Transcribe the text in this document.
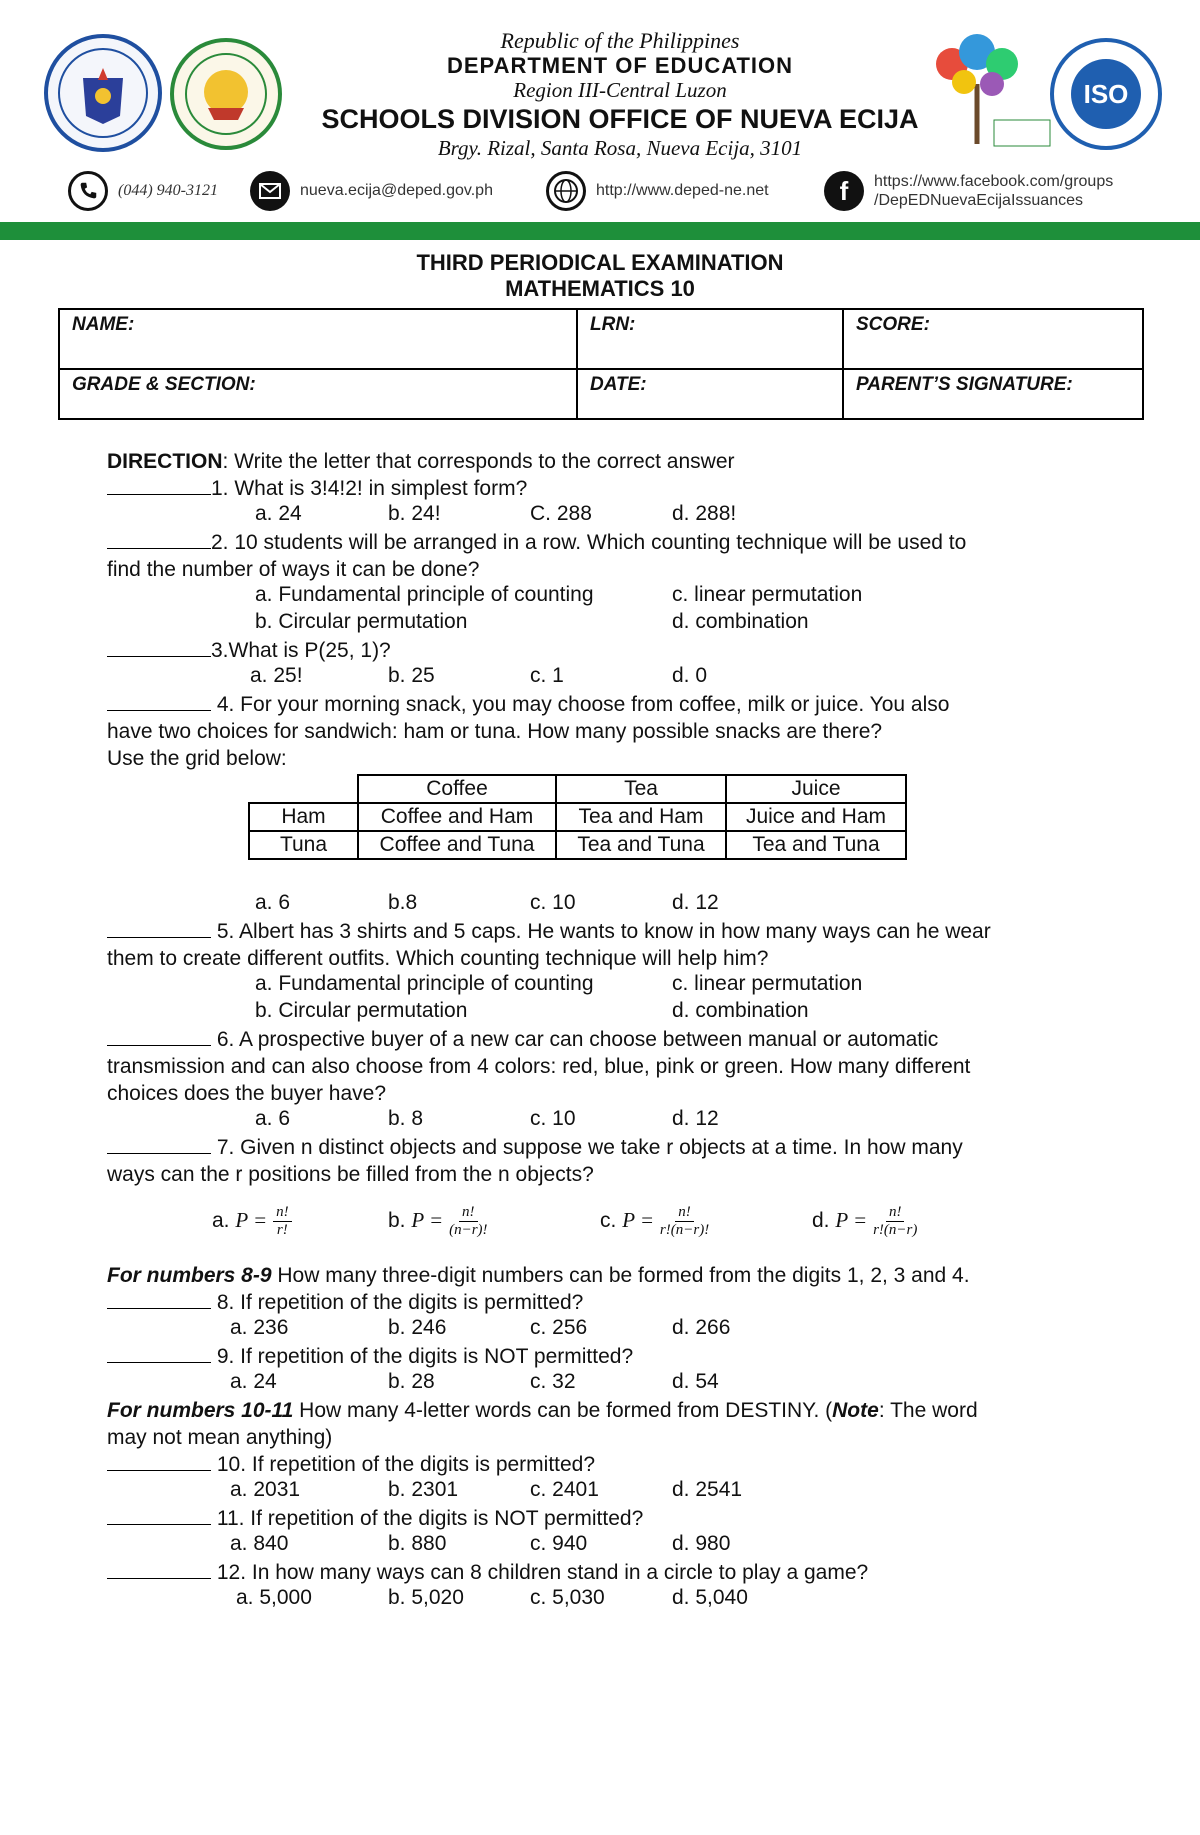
Republic of the Philippines
DEPARTMENT OF EDUCATION
Region III-Central Luzon
SCHOOLS DIVISION OFFICE OF NUEVA ECIJA
Brgy. Rizal, Santa Rosa, Nueva Ecija, 3101
ISO
(044) 940-3121	nueva.ecija@deped.gov.ph	http://www.deped-ne.net	f	https://www.facebook.com/groups
/DepEDNuevaEcijaIssuances
THIRD PERIODICAL EXAMINATION
MATHEMATICS 10
NAME:	LRN:	SCORE:
GRADE & SECTION:	DATE:	PARENT’S SIGNATURE:
DIRECTION: Write the letter that corresponds to the correct answer
1. What is 3!4!2! in simplest form?
a. 24	b. 24!	C. 288	d. 288!
2. 10 students will be arranged in a row. Which counting technique will be used to
find the number of ways it can be done?
a. Fundamental principle of counting	c. linear permutation
b. Circular permutation	d. combination
3.What is P(25, 1)?
a. 25!	b. 25	c. 1	d. 0
4. For your morning snack, you may choose from coffee, milk or juice. You also
have two choices for sandwich: ham or tuna. How many possible snacks are there?
Use the grid below:
	Coffee	Tea	Juice
Ham	Coffee and Ham	Tea and Ham	Juice and Ham
Tuna	Coffee and Tuna	Tea and Tuna	Tea and Tuna
a. 6	b.8	c. 10	d. 12
5. Albert has 3 shirts and 5 caps. He wants to know in how many ways can he wear
them to create different outfits. Which counting technique will help him?
a. Fundamental principle of counting	c. linear permutation
b. Circular permutation	d. combination
6. A prospective buyer of a new car can choose between manual or automatic
transmission and can also choose from 4 colors: red, blue, pink or green. How many different
choices does the buyer have?
a. 6	b. 8	c. 10	d. 12
7. Given n distinct objects and suppose we take r objects at a time. In how many
ways can the r positions be filled from the n objects?
a. $P = \frac{n!}{r!}$	b. $P = \frac{n!}{(n-r)!}$	c. $P = \frac{n!}{r!(n-r)!}$	d. $P = \frac{n!}{r!(n-r)}$
For numbers 8-9 How many three-digit numbers can be formed from the digits 1, 2, 3 and 4.
8. If repetition of the digits is permitted?
a. 236	b. 246	c. 256	d. 266
9. If repetition of the digits is NOT permitted?
a. 24	b. 28	c. 32	d. 54
For numbers 10-11 How many 4-letter words can be formed from DESTINY. (Note: The word
may not mean anything)
10. If repetition of the digits is permitted?
a. 2031	b. 2301	c. 2401	d. 2541
11. If repetition of the digits is NOT permitted?
a. 840	b. 880	c. 940	d. 980
12. In how many ways can 8 children stand in a circle to play a game?
a. 5,000	b. 5,020	c. 5,030	d. 5,040
